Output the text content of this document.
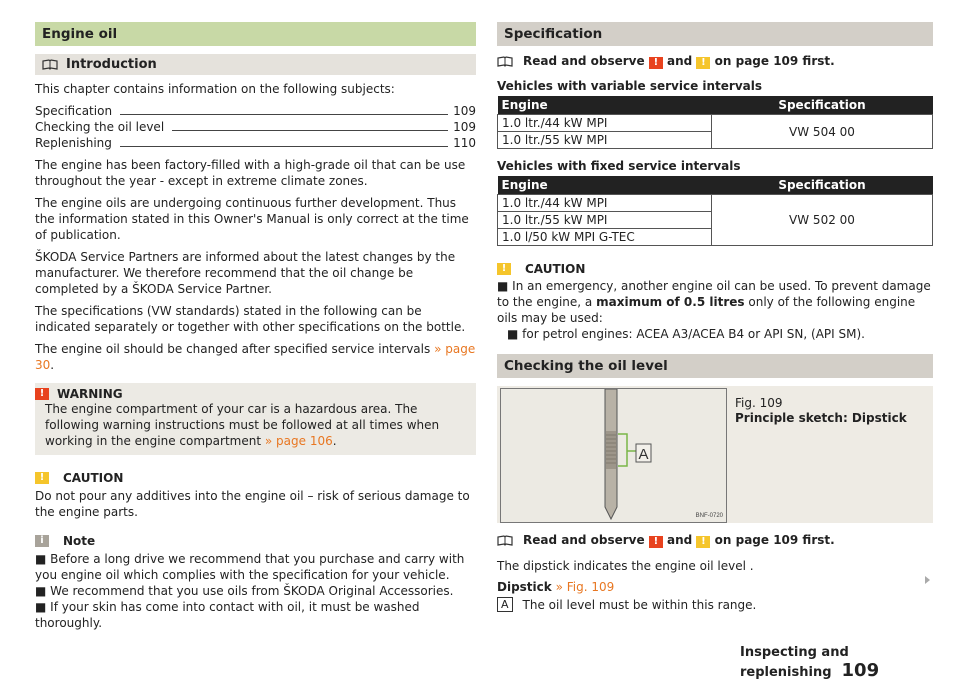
Engine oil
Introduction

This chapter contains information on the following subjects:

Specification	109
Checking the oil level	109
Replenishing	110

The engine has been factory-filled with a high-grade oil that can be use throughout the year - except in extreme climate zones.

The engine oils are undergoing continuous further development. Thus the information stated in this Owner's Manual is only correct at the time of publication.

ŠKODA Service Partners are informed about the latest changes by the manufacturer. We therefore recommend that the oil change be completed by a ŠKODA Service Partner.

The specifications (VW standards) stated in the following can be indicated separately or together with other specifications on the bottle.

The engine oil should be changed after specified service intervals » page 30.

!	WARNING

The engine compartment of your car is a hazardous area. The following warning instructions must be followed at all times when working in the engine compartment » page 106.

!	CAUTION

Do not pour any additives into the engine oil – risk of serious damage to the engine parts.

i	Note

■ Before a long drive we recommend that you purchase and carry with you engine oil which complies with the specification for your vehicle.

■ We recommend that you use oils from ŠKODA Original Accessories.

■ If your skin has come into contact with oil, it must be washed thoroughly.

Specification
Read and observe ! and ! on page 109 first.

Vehicles with variable service intervals

Engine	Specification
1.0 ltr./44 kW MPI	VW 504 00
1.0 ltr./55 kW MPI	

Vehicles with fixed service intervals

Engine	Specification
1.0 ltr./44 kW MPI	VW 502 00
1.0 ltr./55 kW MPI	
1.0 l/50 kW MPI G-TEC	
!	CAUTION

■ In an emergency, another engine oil can be used. To prevent damage to the engine, a maximum of 0.5 litres only of the following engine oils may be used:

■ for petrol engines: ACEA A3/ACEA B4 or API SN, (API SM).

Checking the oil level
A
BNF-0720
Fig. 109
Principle sketch: Dipstick
Read and observe ! and ! on page 109 first.

The dipstick indicates the engine oil level .

Dipstick » Fig. 109

A	The oil level must be within this range.
Inspecting and replenishing 109
